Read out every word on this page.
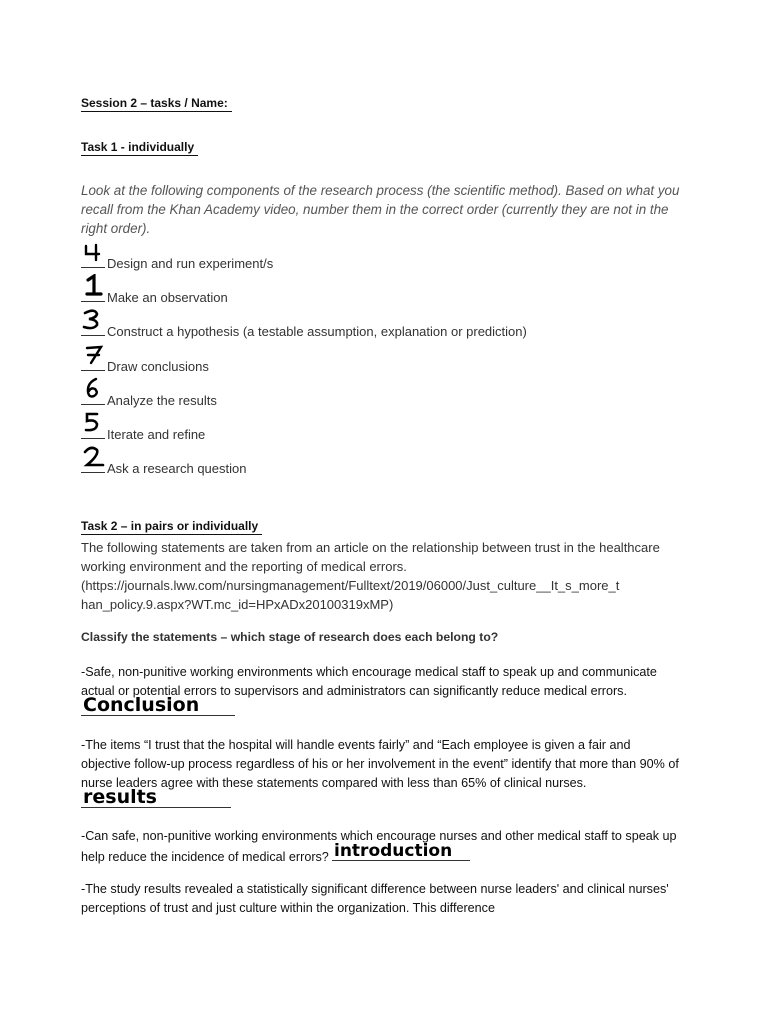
Session 2 – tasks / Name:
Task 1 - individually
Look at the following components of the research process (the scientific method). Based on what you recall from the Khan Academy video, number them in the correct order (currently they are not in the right order).
Design and run experiment/s
Make an observation
Construct a hypothesis (a testable assumption, explanation or prediction)
Draw conclusions
Analyze the results
Iterate and refine
Ask a research question
Task 2 – in pairs or individually
The following statements are taken from an article on the relationship between trust in the healthcare working environment and the reporting of medical errors. (https://journals.lww.com/nursingmanagement/Fulltext/2019/06000/Just_culture__It_s_more_t han_policy.9.aspx?WT.mc_id=HPxADx20100319xMP)
Classify the statements – which stage of research does each belong to?
-Safe, non-punitive working environments which encourage medical staff to speak up and communicate actual or potential errors to supervisors and administrators can significantly reduce medical errors.
Conclusion
-The items “I trust that the hospital will handle events fairly” and “Each employee is given a fair and objective follow-up process regardless of his or her involvement in the event” identify that more than 90% of nurse leaders agree with these statements compared with less than 65% of clinical nurses.
results
-Can safe, non-punitive working environments which encourage nurses and other medical staff to speak up help reduce the incidence of medical errors? introduction
-The study results revealed a statistically significant difference between nurse leaders' and clinical nurses' perceptions of trust and just culture within the organization. This difference
